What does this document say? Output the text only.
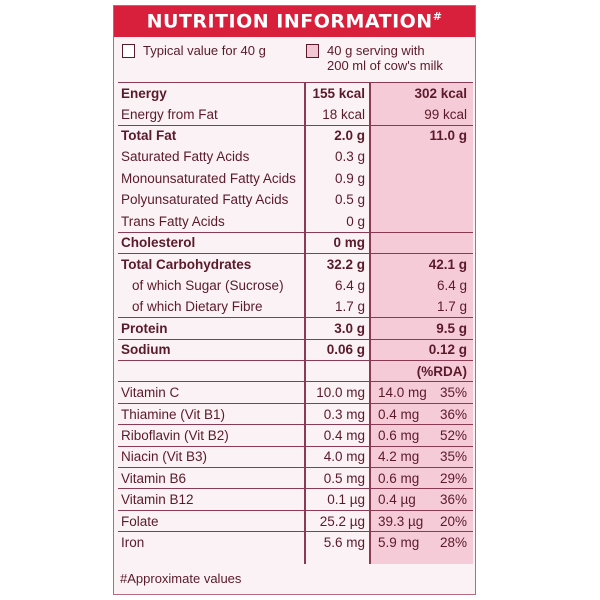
NUTRITION INFORMATION#
Typical value for 40 g	40 g serving with
200 ml of cow's milk
Energy	155 kcal	302 kcal
Energy from Fat	18 kcal	99 kcal
Total Fat	2.0 g	11.0 g
Saturated Fatty Acids	0.3 g
Monounsaturated Fatty Acids	0.9 g
Polyunsaturated Fatty Acids	0.5 g
Trans Fatty Acids	0 g
Cholesterol	0 mg
Total Carbohydrates	32.2 g	42.1 g
of which Sugar (Sucrose)	6.4 g	6.4 g
of which Dietary Fibre	1.7 g	1.7 g
Protein	3.0 g	9.5 g
Sodium	0.06 g	0.12 g
(%RDA)
Vitamin C	10.0 mg 14.0 mg 35%
Thiamine (Vit B1)	0.3 mg 0.4 mg 36%
Riboflavin (Vit B2)	0.4 mg 0.6 mg 52%
Niacin (Vit B3)	4.0 mg 4.2 mg 35%
Vitamin B6	0.5 mg 0.6 mg 29%
Vitamin B12	0.1 µg 0.4 µg 36%
Folate	25.2 µg 39.3 µg 20%
Iron	5.6 mg 5.9 mg 28%
#Approximate values
